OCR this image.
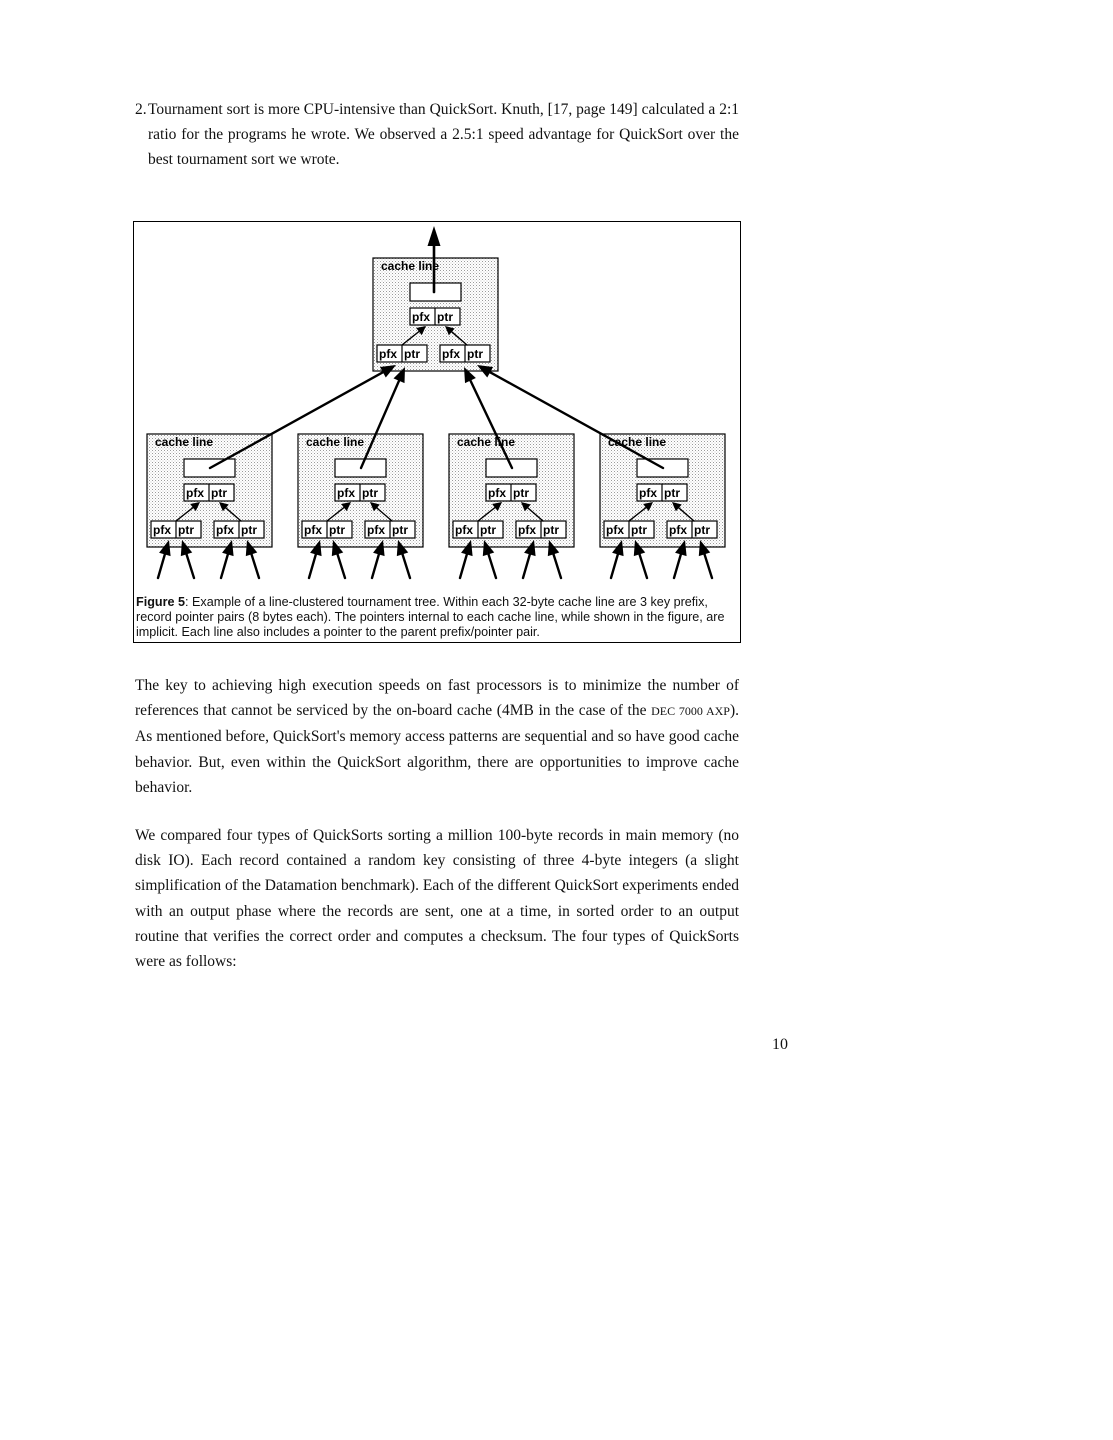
2. Tournament sort is more CPU-intensive than QuickSort. Knuth, [17, page 149] calculated a 2:1 ratio for the programs he wrote. We observed a 2.5:1 speed advantage for QuickSort over the best tournament sort we wrote.
cache line
pfx ptr
pfx ptr pfx ptr
cache line
pfx ptr
pfx ptr pfx ptr
cache line
pfx ptr
pfx ptr pfx ptr
cache line
pfx ptr
pfx ptr pfx ptr
cache line
pfx ptr
pfx ptr pfx ptr

Figure 5: Example of a line-clustered tournament tree. Within each 32-byte cache line are 3 key prefix, record pointer pairs (8 bytes each). The pointers internal to each cache line, while shown in the figure, are implicit. Each line also includes a pointer to the parent prefix/pointer pair.

The key to achieving high execution speeds on fast processors is to minimize the number of references that cannot be serviced by the on-board cache (4MB in the case of the DEC 7000 AXP). As mentioned before, QuickSort's memory access patterns are sequential and so have good cache behavior. But, even within the QuickSort algorithm, there are opportunities to improve cache behavior.

We compared four types of QuickSorts sorting a million 100-byte records in main memory (no disk IO). Each record contained a random key consisting of three 4-byte integers (a slight simplification of the Datamation benchmark). Each of the different QuickSort experiments ended with an output phase where the records are sent, one at a time, in sorted order to an output routine that verifies the correct order and computes a checksum. The four types of QuickSorts were as follows:

10
